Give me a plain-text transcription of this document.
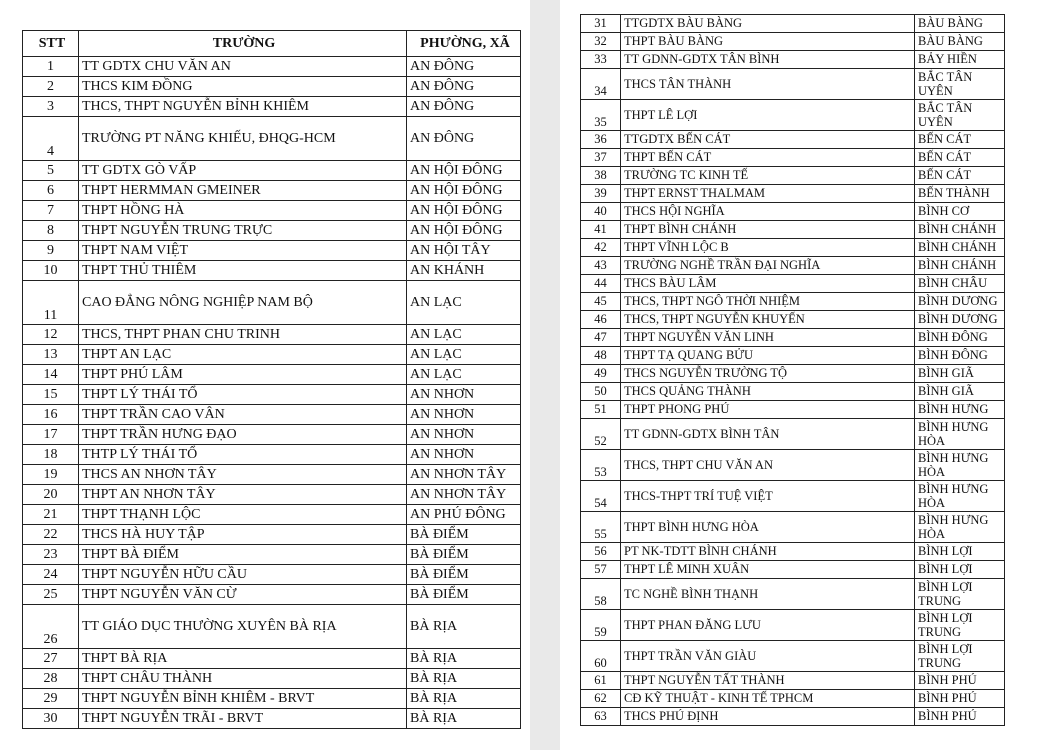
STT	TRƯỜNG	PHƯỜNG, XÃ
1	TT GDTX CHU VĂN AN	AN ĐÔNG
2	THCS KIM ĐỒNG	AN ĐÔNG
3	THCS, THPT NGUYỄN BỈNH KHIÊM	AN ĐÔNG
4	TRƯỜNG PT NĂNG KHIẾU, ĐHQG-HCM	AN ĐÔNG
5	TT GDTX GÒ VẤP	AN HỘI ĐÔNG
6	THPT HERMMAN GMEINER	AN HỘI ĐÔNG
7	THPT HỒNG HÀ	AN HỘI ĐÔNG
8	THPT NGUYỄN TRUNG TRỰC	AN HỘI ĐÔNG
9	THPT NAM VIỆT	AN HỘI TÂY
10	THPT THỦ THIÊM	AN KHÁNH
11	CAO ĐẲNG NÔNG NGHIỆP NAM BỘ	AN LẠC
12	THCS, THPT PHAN CHU TRINH	AN LẠC
13	THPT AN LẠC	AN LẠC
14	THPT PHÚ LÂM	AN LẠC
15	THPT LÝ THÁI TỔ	AN NHƠN
16	THPT TRẦN CAO VÂN	AN NHƠN
17	THPT TRẦN HƯNG ĐẠO	AN NHƠN
18	THTP LÝ THÁI TỔ	AN NHƠN
19	THCS AN NHƠN TÂY	AN NHƠN TÂY
20	THPT AN NHƠN TÂY	AN NHƠN TÂY
21	THPT THẠNH LỘC	AN PHÚ ĐÔNG
22	THCS HÀ HUY TẬP	BÀ ĐIỂM
23	THPT BÀ ĐIỂM	BÀ ĐIỂM
24	THPT NGUYỄN HỮU CẦU	BÀ ĐIỂM
25	THPT NGUYỄN VĂN CỪ	BÀ ĐIỂM
26	TT GIÁO DỤC THƯỜNG XUYÊN BÀ RỊA	BÀ RỊA
27	THPT BÀ RỊA	BÀ RỊA
28	THPT CHÂU THÀNH	BÀ RỊA
29	THPT NGUYỄN BỈNH KHIÊM - BRVT	BÀ RỊA
30	THPT NGUYỄN TRÃI - BRVT	BÀ RỊA
31	TTGDTX BÀU BÀNG	BÀU BÀNG
32	THPT BÀU BÀNG	BÀU BÀNG
33	TT GDNN-GDTX TÂN BÌNH	BẢY HIỀN
34	THCS TÂN THÀNH	BẮC TÂN UYÊN
35	THPT LÊ LỢI	BẮC TÂN UYÊN
36	TTGDTX BẾN CÁT	BẾN CÁT
37	THPT BẾN CÁT	BẾN CÁT
38	TRƯỜNG TC KINH TẾ	BẾN CÁT
39	THPT ERNST THALMAM	BẾN THÀNH
40	THCS HỘI NGHĨA	BÌNH CƠ
41	THPT BÌNH CHÁNH	BÌNH CHÁNH
42	THPT VĨNH LỘC B	BÌNH CHÁNH
43	TRƯỜNG NGHỀ TRẦN ĐẠI NGHĨA	BÌNH CHÁNH
44	THCS BÀU LÂM	BÌNH CHÂU
45	THCS, THPT NGÔ THỜI NHIỆM	BÌNH DƯƠNG
46	THCS, THPT NGUYỄN KHUYẾN	BÌNH DƯƠNG
47	THPT NGUYỄN VĂN LINH	BÌNH ĐÔNG
48	THPT TẠ QUANG BỬU	BÌNH ĐÔNG
49	THCS NGUYỄN TRƯỜNG TỘ	BÌNH GIÃ
50	THCS QUẢNG THÀNH	BÌNH GIÃ
51	THPT PHONG PHÚ	BÌNH HƯNG
52	TT GDNN-GDTX BÌNH TÂN	BÌNH HƯNG HÒA
53	THCS, THPT CHU VĂN AN	BÌNH HƯNG HÒA
54	THCS-THPT TRÍ TUỆ VIỆT	BÌNH HƯNG HÒA
55	THPT BÌNH HƯNG HÒA	BÌNH HƯNG HÒA
56	PT NK-TDTT BÌNH CHÁNH	BÌNH LỢI
57	THPT LÊ MINH XUÂN	BÌNH LỢI
58	TC NGHỀ BÌNH THẠNH	BÌNH LỢI TRUNG
59	THPT PHAN ĐĂNG LƯU	BÌNH LỢI TRUNG
60	THPT TRẦN VĂN GIÀU	BÌNH LỢI TRUNG
61	THPT NGUYỄN TẤT THÀNH	BÌNH PHÚ
62	CĐ KỸ THUẬT - KINH TẾ TPHCM	BÌNH PHÚ
63	THCS PHÚ ĐỊNH	BÌNH PHÚ
